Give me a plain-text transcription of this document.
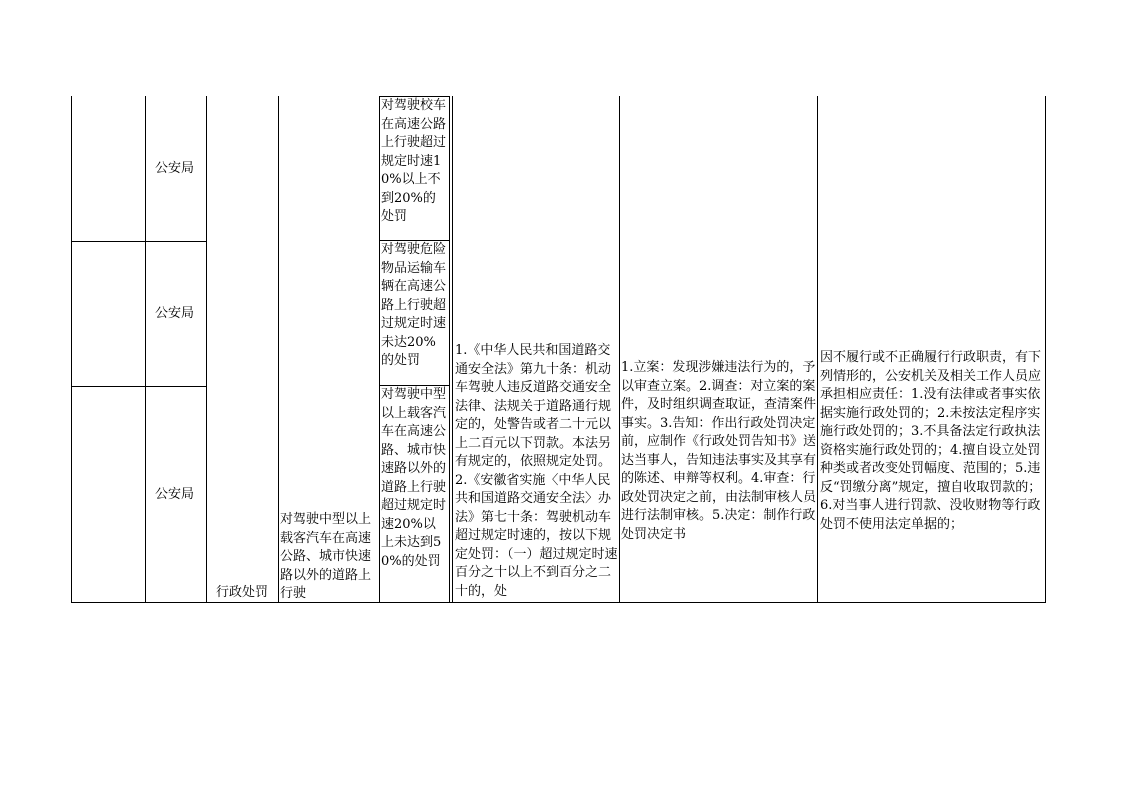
公安局
公安局
公安局
行政处罚
对驾驶中型以上载客汽车在高速公路、城市快速路以外的道路上行驶
对驾驶校车在高速公路上行驶超过规定时速10%以上不到20%的处罚
对驾驶危险物品运输车辆在高速公路上行驶超过规定时速未达20%的处罚
对驾驶中型以上载客汽车在高速公路、城市快速路以外的道路上行驶超过规定时速20%以上未达到50%的处罚
1.《中华人民共和国道路交通安全法》第九十条：机动车驾驶人违反道路交通安全法律、法规关于道路通行规定的，处警告或者二十元以上二百元以下罚款。本法另有规定的，依照规定处罚。2.《安徽省实施〈中华人民共和国道路交通安全法〉办法》第七十条：驾驶机动车超过规定时速的，按以下规定处罚：（一）超过规定时速百分之十以上不到百分之二十的，处
1.立案：发现涉嫌违法行为的，予以审查立案。2.调查：对立案的案件，及时组织调查取证，查清案件事实。3.告知：作出行政处罚决定前，应制作《行政处罚告知书》送达当事人，告知违法事实及其享有的陈述、申辩等权利。4.审查：行政处罚决定之前，由法制审核人员进行法制审核。5.决定：制作行政处罚决定书
因不履行或不正确履行行政职责，有下列情形的，公安机关及相关工作人员应承担相应责任：1.没有法律或者事实依据实施行政处罚的；2.未按法定程序实施行政处罚的；3.不具备法定行政执法资格实施行政处罚的；4.擅自设立处罚种类或者改变处罚幅度、范围的；5.违反“罚缴分离”规定，擅自收取罚款的；6.对当事人进行罚款、没收财物等行政处罚不使用法定单据的；
